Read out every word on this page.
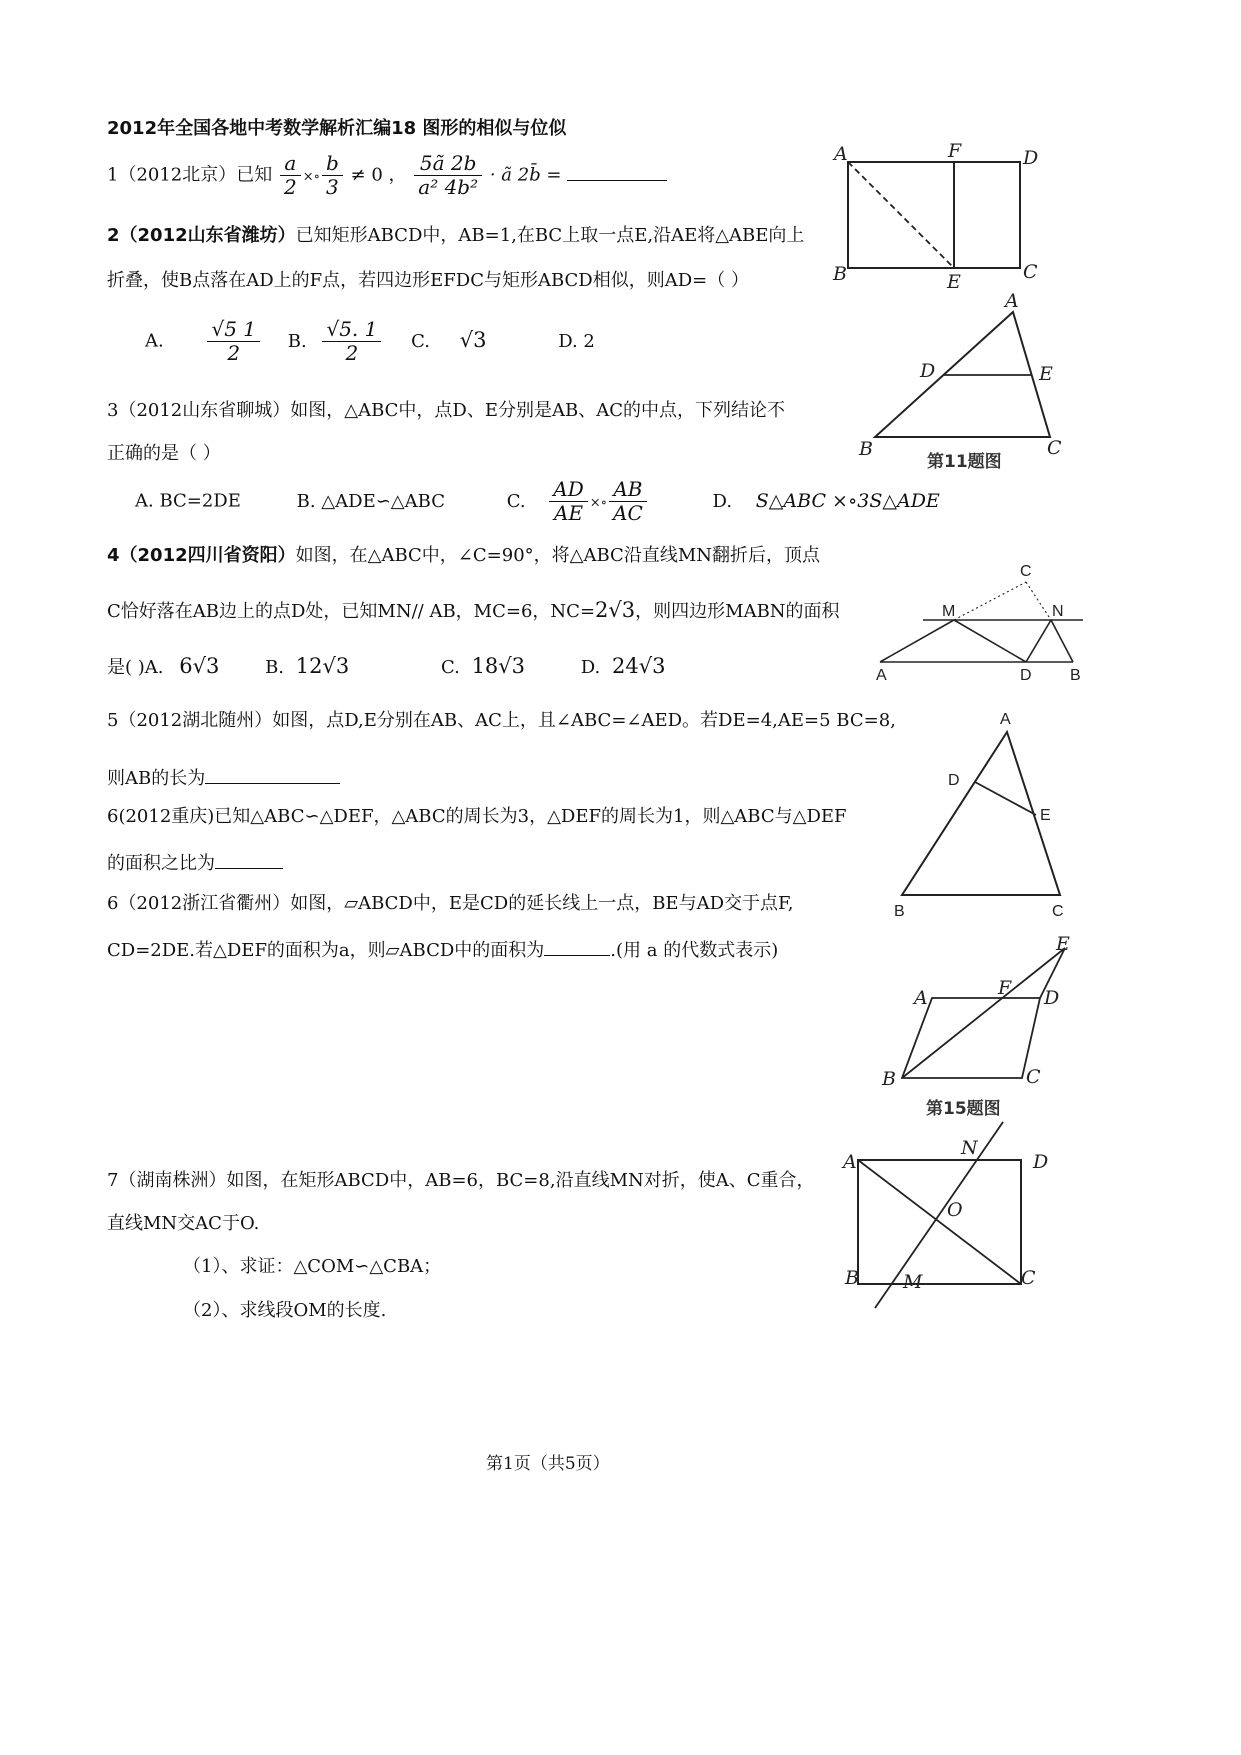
2012年全国各地中考数学解析汇编18 图形的相似与位似
1（2012北京）已知 $\frac{a}{2}$ ×∘ $\frac{b}{3} \ne 0$ ， $\frac{5ã 2b}{\text{a² 4b²}}$ · ã 2b̄ =
2（2012山东省潍坊）已知矩形ABCD中，AB=1,在BC上取一点E,沿AE将△ABE向上
折叠，使B点落在AD上的F点，若四边形EFDC与矩形ABCD相似，则AD=（ ）
A. $\frac{√5 1}{2} B$. $\frac{√5. 1}{2} C$. √3	D. 2
3（2012山东省聊城）如图，△ABC中，点D、E分别是AB、AC的中点，下列结论不
正确的是（ ）
A. BC=2DE	B. △ADE∽△ABC	C. $\frac{AD}{AE}$ ×∘ $\frac{AB}{AC}$	D. S△ABC ×∘3S△ADE
4（2012四川省资阳）如图，在△ABC中，∠C=90°，将△ABC沿直线MN翻折后，顶点
C恰好落在AB边上的点D处，已知MN// AB，MC=6，NC=2√3，则四边形MABN的面积
是( )A. 6√3	B. 12√3	C. 18√3	D. 24√3
5（2012湖北随州）如图，点D,E分别在AB、AC上，且∠ABC=∠AED。若DE=4,AE=5 BC=8,
则AB的长为
6(2012重庆)已知△ABC∽△DEF，△ABC的周长为3，△DEF的周长为1，则△ABC与△DEF
的面积之比为
6（2012浙江省衢州）如图，▱ABCD中，E是CD的延长线上一点，BE与AD交于点F,
CD=2DE.若△DEF的面积为a，则▱ABCD中的面积为	.(用 a 的代数式表示)
7（湖南株洲）如图，在矩形ABCD中，AB=6，BC=8,沿直线MN对折，使A、C重合，
直线MN交AC于O.
（1）、求证：△COM∽△CBA；
（2）、求线段OM的长度.
第1页（共5页）
A	F	D
B	E	C
A
D	E
B	C
第11题图
C
M	N
A	D B
A
D
E
B	C
E
A	F D
B	C
第15题图
A
N
D
O
B M	C
